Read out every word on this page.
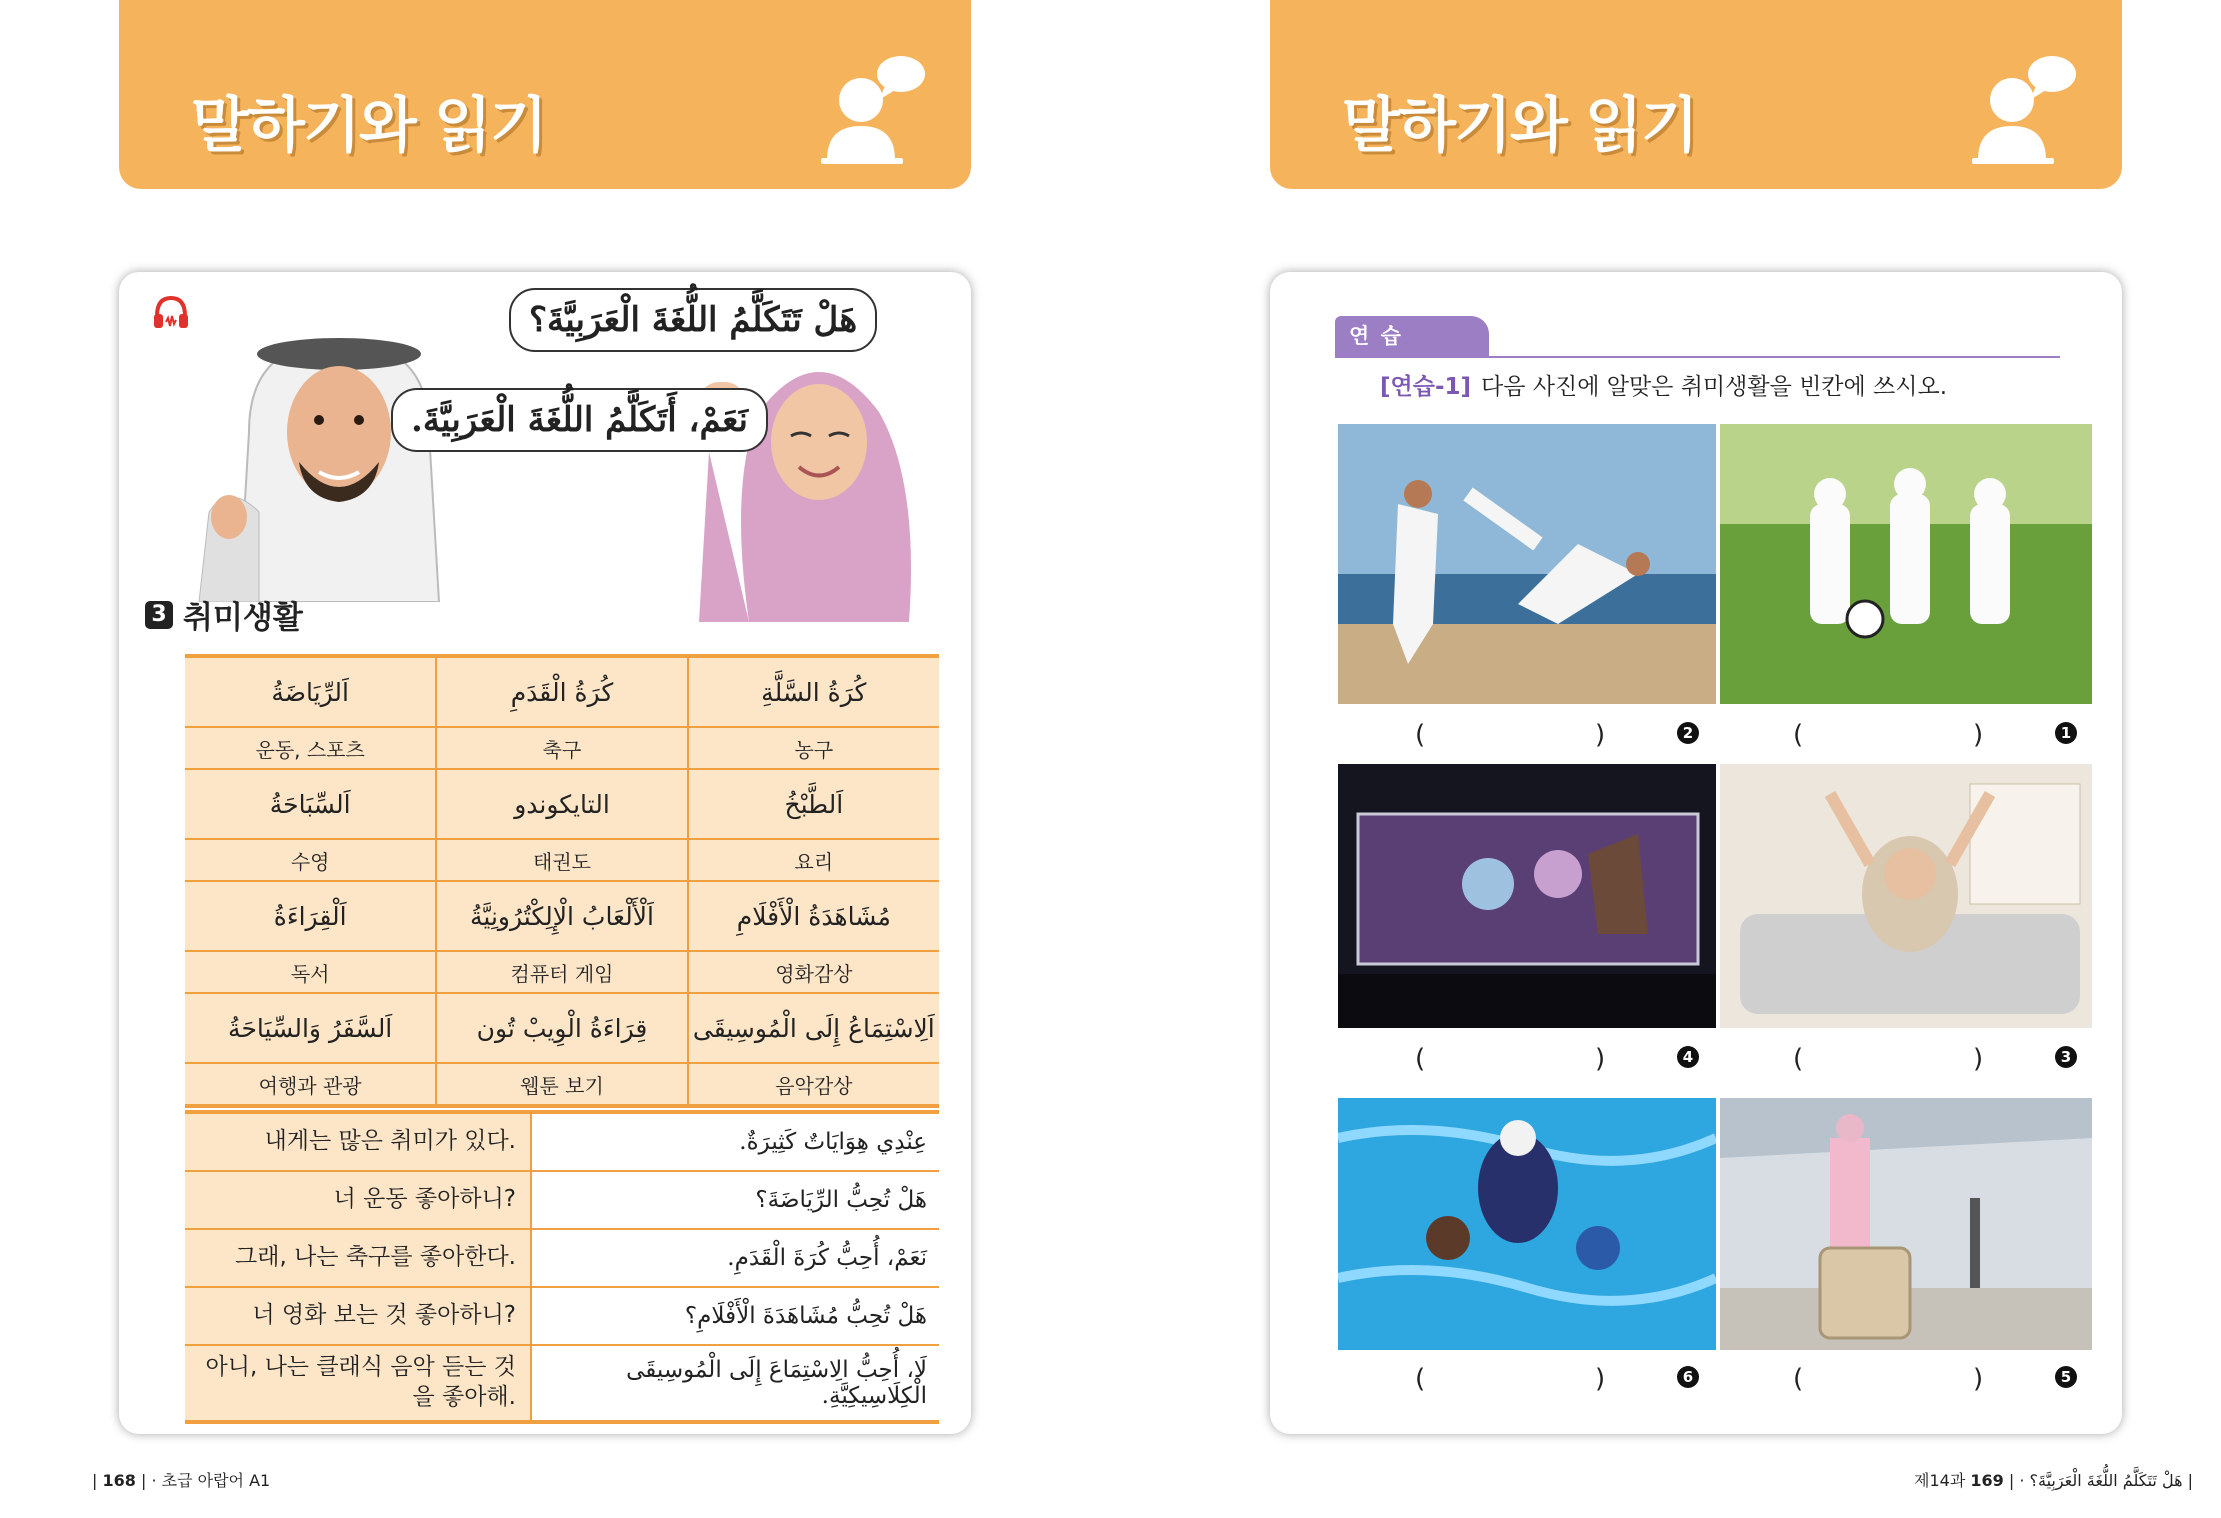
말하기와 읽기
هَلْ تَتَكَلَّمُ اللُّغَةَ الْعَرَبِيَّةَ؟
نَعَمْ، أَتَكَلَّمُ اللُّغَةَ الْعَرَبِيَّةَ.
3 취미생활
اَلرِّيَاضَةُ	كُرَةُ الْقَدَمِ	كُرَةُ السَّلَّةِ
운동, 스포츠	축구	농구
اَلسِّبَاحَةُ	التايكوندو	اَلطَّبْخُ
수영	태권도	요리
اَلْقِرَاءَةُ	اَلْأَلْعَابُ الْإِلِكْتُرُونِيَّةُ	مُشَاهَدَةُ الْأَفْلَامِ
독서	컴퓨터 게임	영화감상
اَلسَّفَرُ وَالسِّيَاحَةُ	قِرَاءَةُ الْوِيبْ تُون	اَلِاسْتِمَاعُ إِلَى الْمُوسِيقَى
여행과 관광	웹툰 보기	음악감상
내게는 많은 취미가 있다.	عِنْدِي هِوَايَاتٌ كَثِيرَةٌ.
너 운동 좋아하니?	هَلْ تُحِبُّ الرِّيَاضَةَ؟
그래, 나는 축구를 좋아한다.	نَعَمْ، أُحِبُّ كُرَةَ الْقَدَمِ.
너 영화 보는 것 좋아하니?	هَلْ تُحِبُّ مُشَاهَدَةَ الْأَفْلَامِ؟
아니, 나는 클래식 음악 듣는 것을 좋아해.	لَا، أُحِبُّ الِاسْتِمَاعَ إِلَى الْمُوسِيقَى الْكِلَاسِيكِيَّةِ.
| 168 | · 초급 아랍어 A1
말하기와 읽기
연 습
[연습-1] 다음 사진에 알맞은 취미생활을 빈칸에 쓰시오.
(	)	2	(	)	1
(	)	4	(	)	3
(	)	6	(	)	5
제14과 هَلْ تَتَكَلَّمُ اللُّغَةَ الْعَرَبِيَّةَ؟ · | 169	|
